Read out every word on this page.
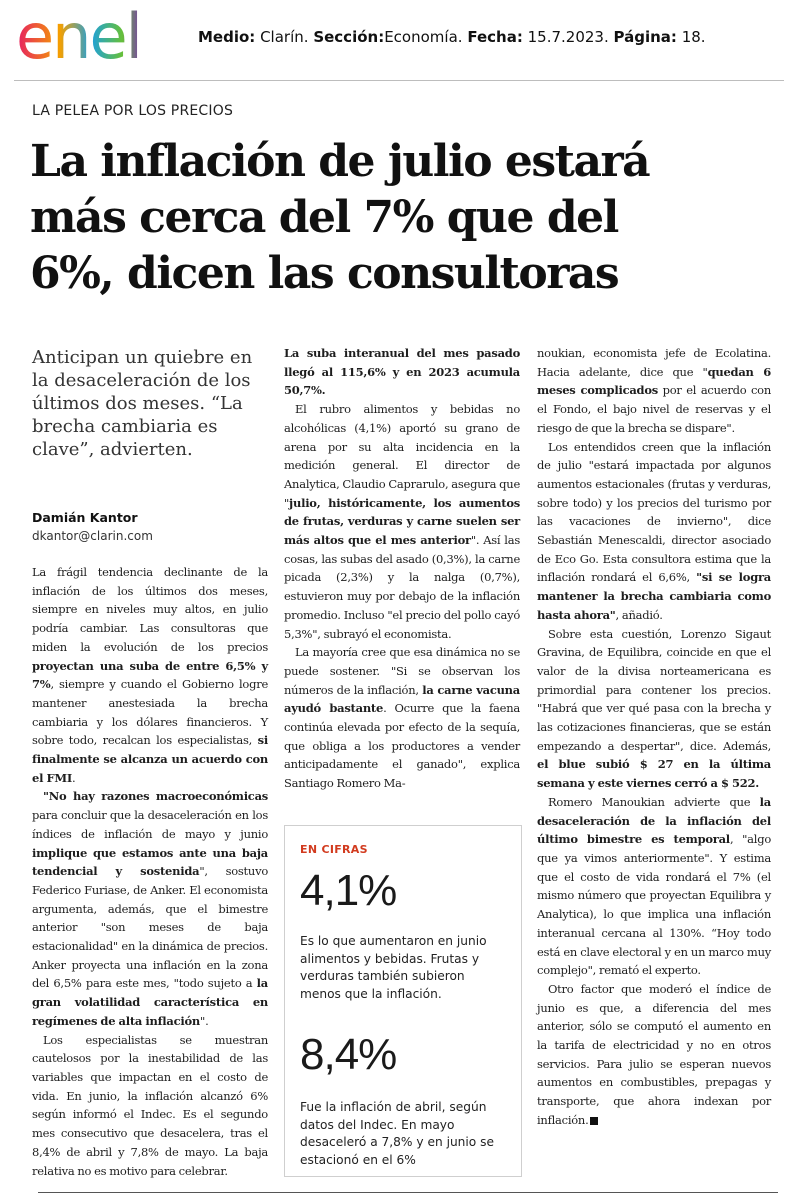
enel	Medio: Clarín. Sección:Economía. Fecha: 15.7.2023. Página: 18.
LA PELEA POR LOS PRECIOS
La inflación de julio estará
más cerca del 7% que del
6%, dicen las consultoras
Anticipan un quiebre en la desaceleración de los últimos dos meses. “La brecha cambiaria es clave”, advierten.
Damián Kantor
dkantor@clarin.com

La frágil tendencia declinante de la inflación de los últimos dos meses, siempre en niveles muy altos, en julio podría cambiar. Las consultoras que miden la evolución de los precios proyectan una suba de entre 6,5% y 7%, siempre y cuando el Gobierno logre mantener anestesiada la brecha cambiaria y los dólares financieros. Y sobre todo, recalcan los especialistas, si finalmente se alcanza un acuerdo con el FMI.

"No hay razones macroeconómicas para concluir que la desaceleración en los índices de inflación de mayo y junio implique que estamos ante una baja tendencial y sostenida", sostuvo Federico Furiase, de Anker. El economista argumenta, además, que el bimestre anterior "son meses de baja estacionalidad" en la dinámica de precios. Anker proyecta una inflación en la zona del 6,5% para este mes, "todo sujeto a la gran volatilidad característica en regímenes de alta inflación".

Los especialistas se muestran cautelosos por la inestabilidad de las variables que impactan en el costo de vida. En junio, la inflación alcanzó 6% según informó el Indec. Es el segundo mes consecutivo que desacelera, tras el 8,4% de abril y 7,8% de mayo. La baja relativa no es motivo para celebrar.

La suba interanual del mes pasado llegó al 115,6% y en 2023 acumula 50,7%.

El rubro alimentos y bebidas no alcohólicas (4,1%) aportó su grano de arena por su alta incidencia en la medición general. El director de Analytica, Claudio Caprarulo, asegura que "julio, históricamente, los aumentos de frutas, verduras y carne suelen ser más altos que el mes anterior". Así las cosas, las subas del asado (0,3%), la carne picada (2,3%) y la nalga (0,7%), estuvieron muy por debajo de la inflación promedio. Incluso "el precio del pollo cayó 5,3%", subrayó el economista.

La mayoría cree que esa dinámica no se puede sostener. "Si se observan los números de la inflación, la carne vacuna ayudó bastante. Ocurre que la faena continúa elevada por efecto de la sequía, que obliga a los productores a vender anticipadamente el ganado", explica Santiago Romero Ma-

noukian, economista jefe de Ecolatina. Hacia adelante, dice que "quedan 6 meses complicados por el acuerdo con el Fondo, el bajo nivel de reservas y el riesgo de que la brecha se dispare".

Los entendidos creen que la inflación de julio "estará impactada por algunos aumentos estacionales (frutas y verduras, sobre todo) y los precios del turismo por las vacaciones de invierno", dice Sebastián Menescaldi, director asociado de Eco Go. Esta consultora estima que la inflación rondará el 6,6%, "si se logra mantener la brecha cambiaria como hasta ahora", añadió.

Sobre esta cuestión, Lorenzo Sigaut Gravina, de Equilibra, coincide en que el valor de la divisa norteamericana es primordial para contener los precios. "Habrá que ver qué pasa con la brecha y las cotizaciones financieras, que se están empezando a despertar", dice. Además, el blue subió $ 27 en la última semana y este viernes cerró a $ 522.

Romero Manoukian advierte que la desaceleración de la inflación del último bimestre es temporal, "algo que ya vimos anteriormente". Y estima que el costo de vida rondará el 7% (el mismo número que proyectan Equilibra y Analytica), lo que implica una inflación interanual cercana al 130%. “Hoy todo está en clave electoral y en un marco muy complejo", remató el experto.

Otro factor que moderó el índice de junio es que, a diferencia del mes anterior, sólo se computó el aumento en la tarifa de electricidad y no en otros servicios. Para julio se esperan nuevos aumentos en combustibles, prepagas y transporte, que ahora indexan por inflación.

EN CIFRAS
4,1%
Es lo que aumentaron en junio alimentos y bebidas. Frutas y verduras también subieron menos que la inflación.
8,4%
Fue la inflación de abril, según datos del Indec. En mayo desaceleró a 7,8% y en junio se estacionó en el 6%
